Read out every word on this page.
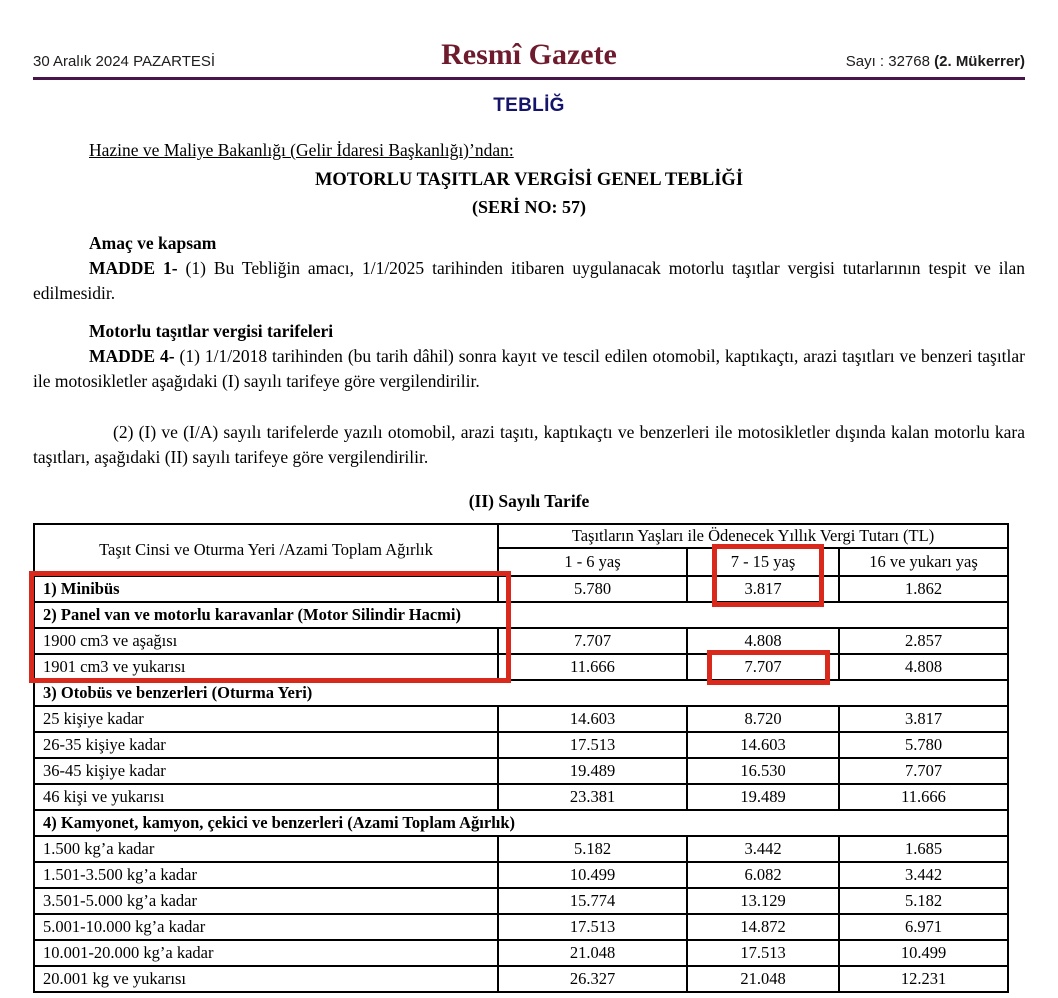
30 Aralık 2024 PAZARTESİ	Resmî Gazete	Sayı : 32768 (2. Mükerrer)
TEBLİĞ
Hazine ve Maliye Bakanlığı (Gelir İdaresi Başkanlığı)’ndan:
MOTORLU TAŞITLAR VERGİSİ GENEL TEBLİĞİ
(SERİ NO: 57)
Amaç ve kapsam

MADDE 1- (1) Bu Tebliğin amacı, 1/1/2025 tarihinden itibaren uygulanacak motorlu taşıtlar vergisi tutarlarının tespit ve ilan edilmesidir.

Motorlu taşıtlar vergisi tarifeleri

MADDE 4- (1) 1/1/2018 tarihinden (bu tarih dâhil) sonra kayıt ve tescil edilen otomobil, kaptıkaçtı, arazi taşıtları ve benzeri taşıtlar ile motosikletler aşağıdaki (I) sayılı tarifeye göre vergilendirilir.

(2) (I) ve (I/A) sayılı tarifelerde yazılı otomobil, arazi taşıtı, kaptıkaçtı ve benzerleri ile motosikletler dışında kalan motorlu kara taşıtları, aşağıdaki (II) sayılı tarifeye göre vergilendirilir.

(II) Sayılı Tarife
Taşıt Cinsi ve Oturma Yeri /Azami Toplam Ağırlık	Taşıtların Yaşları ile Ödenecek Yıllık Vergi Tutarı (TL)		
	1 - 6 yaş	7 - 15 yaş	16 ve yukarı yaş
1) Minibüs	5.780	3.817	1.862
2) Panel van ve motorlu karavanlar (Motor Silindir Hacmi)			
1900 cm3 ve aşağısı	7.707	4.808	2.857
1901 cm3 ve yukarısı	11.666	7.707	4.808
3) Otobüs ve benzerleri (Oturma Yeri)			
25 kişiye kadar	14.603	8.720	3.817
26-35 kişiye kadar	17.513	14.603	5.780
36-45 kişiye kadar	19.489	16.530	7.707
46 kişi ve yukarısı	23.381	19.489	11.666
4) Kamyonet, kamyon, çekici ve benzerleri (Azami Toplam Ağırlık)			
1.500 kg’a kadar	5.182	3.442	1.685
1.501-3.500 kg’a kadar	10.499	6.082	3.442
3.501-5.000 kg’a kadar	15.774	13.129	5.182
5.001-10.000 kg’a kadar	17.513	14.872	6.971
10.001-20.000 kg’a kadar	21.048	17.513	10.499
20.001 kg ve yukarısı	26.327	21.048	12.231
